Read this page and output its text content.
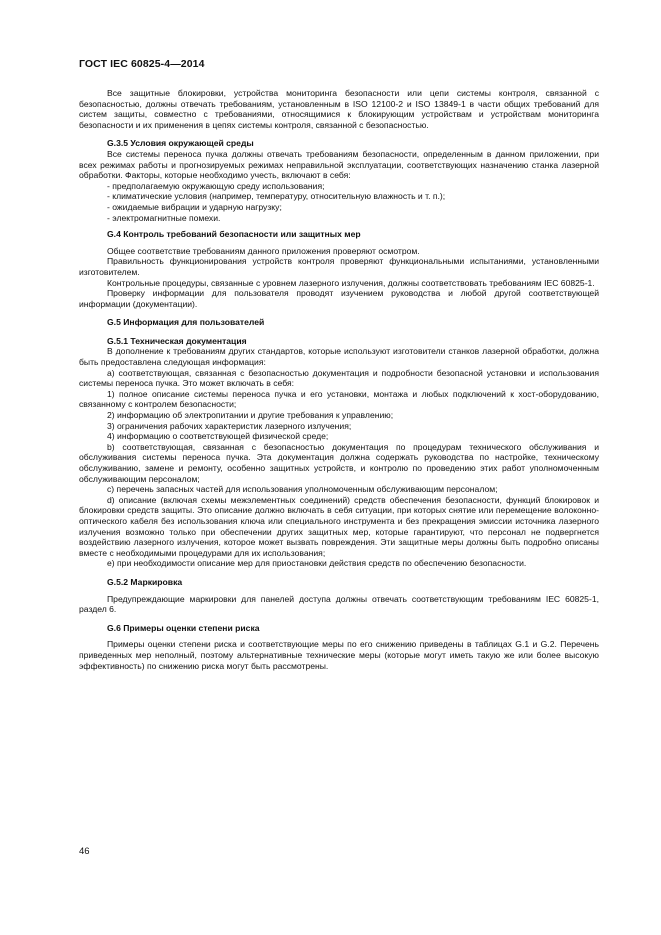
ГОСТ IEC 60825-4—2014

Все защитные блокировки, устройства мониторинга безопасности или цепи системы контроля, связанной с безопасностью, должны отвечать требованиям, установленным в ISO 12100-2 и ISO 13849-1 в части общих требований для систем защиты, совместно с требованиями, относящимися к блокирующим устройствам и устройствам мониторинга безопасности и их применения в цепях системы контроля, связанной с безопасностью.

G.3.5 Условия окружающей среды

Все системы переноса пучка должны отвечать требованиям безопасности, определенным в данном приложении, при всех режимах работы и прогнозируемых режимах неправильной эксплуатации, соответствующих назначению станка лазерной обработки. Факторы, которые необходимо учесть, включают в себя:

- предполагаемую окружающую среду использования;
- климатические условия (например, температуру, относительную влажность и т. п.);
- ожидаемые вибрации и ударную нагрузку;
- электромагнитные помехи.
G.4 Контроль требований безопасности или защитных мер

Общее соответствие требованиям данного приложения проверяют осмотром.

Правильность функционирования устройств контроля проверяют функциональными испытаниями, установленными изготовителем.

Контрольные процедуры, связанные с уровнем лазерного излучения, должны соответствовать требованиям IEC 60825-1.

Проверку информации для пользователя проводят изучением руководства и любой другой соответствующей информации (документации).

G.5 Информация для пользователей
G.5.1 Техническая документация

В дополнение к требованиям других стандартов, которые используют изготовители станков лазерной обработки, должна быть предоставлена следующая информация:

а) соответствующая, связанная с безопасностью документация и подробности безопасной установки и использования системы переноса пучка. Это может включать в себя:

1) полное описание системы переноса пучка и его установки, монтажа и любых подключений к хост-оборудованию, связанному с контролем безопасности;

2) информацию об электропитании и другие требования к управлению;

3) ограничения рабочих характеристик лазерного излучения;

4) информацию о соответствующей физической среде;

b) соответствующая, связанная с безопасностью документация по процедурам технического обслуживания и обслуживания системы переноса пучка. Эта документация должна содержать руководства по настройке, техническому обслуживанию, замене и ремонту, особенно защитных устройств, и контролю по проведению этих работ уполномоченным обслуживающим персоналом;

с) перечень запасных частей для использования уполномоченным обслуживающим персоналом;

d) описание (включая схемы межэлементных соединений) средств обеспечения безопасности, функций блокировок и блокировки средств защиты. Это описание должно включать в себя ситуации, при которых снятие или перемещение волоконно-оптического кабеля без использования ключа или специального инструмента и без прекращения эмиссии источника лазерного излучения возможно только при обеспечении других защитных мер, которые гарантируют, что персонал не подвергнется воздействию лазерного излучения, которое может вызвать повреждения. Эти защитные меры должны быть подробно описаны вместе с необходимыми процедурами для их использования;

е) при необходимости описание мер для приостановки действия средств по обеспечению безопасности.

G.5.2 Маркировка

Предупреждающие маркировки для панелей доступа должны отвечать соответствующим требованиям IEC 60825-1, раздел 6.

G.6 Примеры оценки степени риска

Примеры оценки степени риска и соответствующие меры по его снижению приведены в таблицах G.1 и G.2. Перечень приведенных мер неполный, поэтому альтернативные технические меры (которые могут иметь такую же или более высокую эффективность) по снижению риска могут быть рассмотрены.

46
